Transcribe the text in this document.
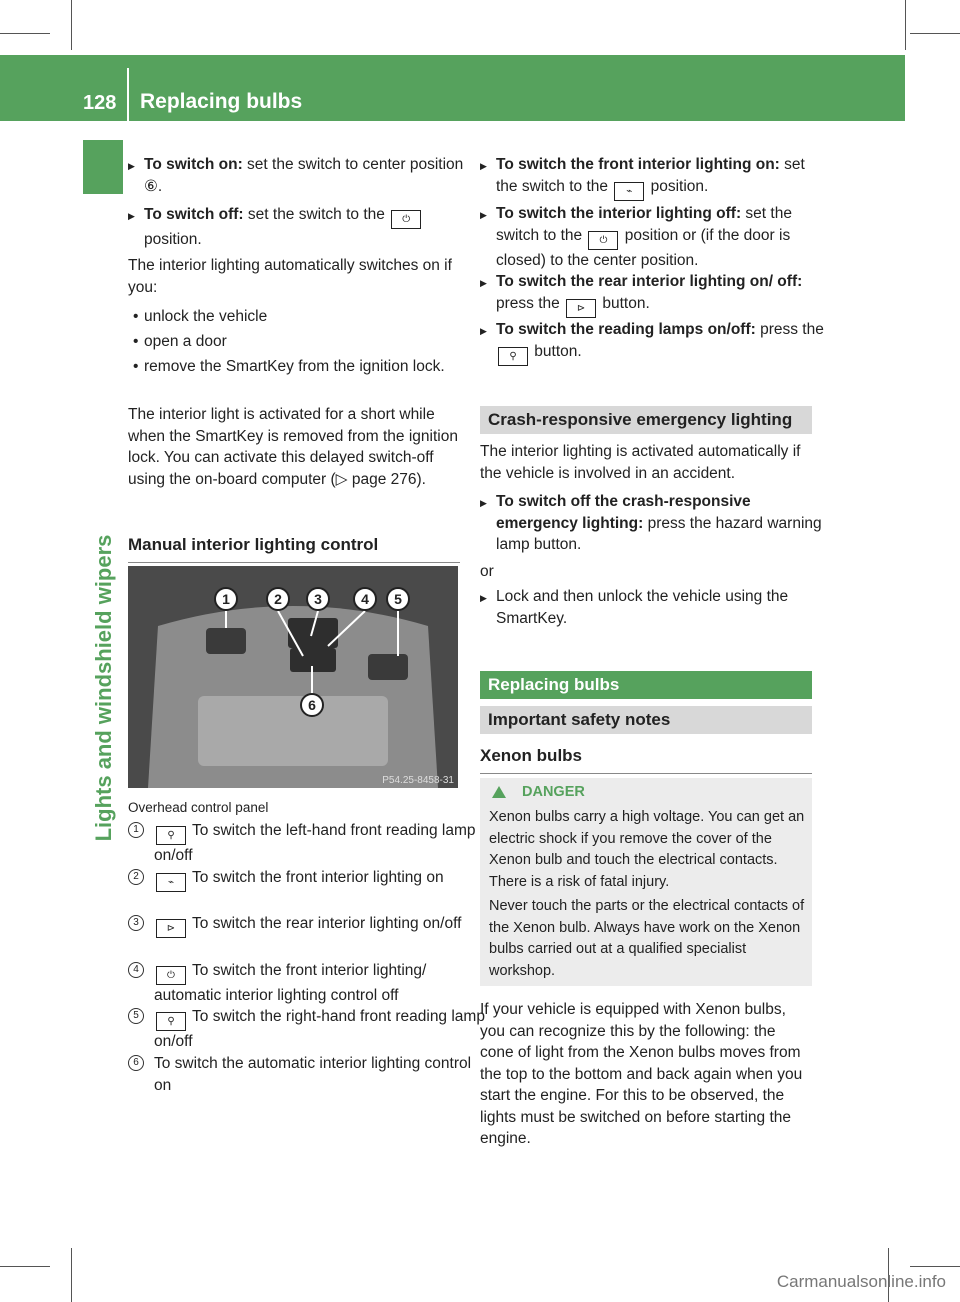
128 Replacing bulbs
Lights and windshield wipers
▶ To switch on: set the switch to center position ⑥.
▶ To switch off: set the switch to the ⏻ position.
The interior lighting automatically switches on if you:
• unlock the vehicle
• open a door
• remove the SmartKey from the ignition lock.
The interior light is activated for a short while when the SmartKey is removed from the ignition lock. You can activate this delayed switch-off using the on-board computer (▷ page 276).
Manual interior lighting control
1	2 3	4 5
6
P54.25-8458-31
Overhead control panel
1
⚲ To switch the left-hand front reading lamp on/off
2
⌁ To switch the front interior lighting on
3
⊳ To switch the rear interior lighting on/off
4
⏻ To switch the front interior lighting/ automatic interior lighting control off
5
⚲ To switch the right-hand front reading lamp on/off
6 To switch the automatic interior lighting control on
▶ To switch the front interior lighting on: set the switch to the ⌁ position.
▶ To switch the interior lighting off: set the switch to the ⏻ position or (if the door is closed) to the center position.
▶ To switch the rear interior lighting on/ off: press the ⊳ button.
▶ To switch the reading lamps on/off: press the ⚲ button.
Crash-responsive emergency lighting
The interior lighting is activated automatically if the vehicle is involved in an accident.
▶ To switch off the crash-responsive emergency lighting: press the hazard warning lamp button.
or
▶ Lock and then unlock the vehicle using the SmartKey.
Replacing bulbs
Important safety notes
Xenon bulbs
DANGER
Xenon bulbs carry a high voltage. You can get an electric shock if you remove the cover of the Xenon bulb and touch the electrical contacts. There is a risk of fatal injury.
Never touch the parts or the electrical contacts of the Xenon bulb. Always have work on the Xenon bulbs carried out at a qualified specialist workshop.
If your vehicle is equipped with Xenon bulbs, you can recognize this by the following: the cone of light from the Xenon bulbs moves from the top to the bottom and back again when you start the engine. For this to be observed, the lights must be switched on before starting the engine.
Carmanualsonline.info
